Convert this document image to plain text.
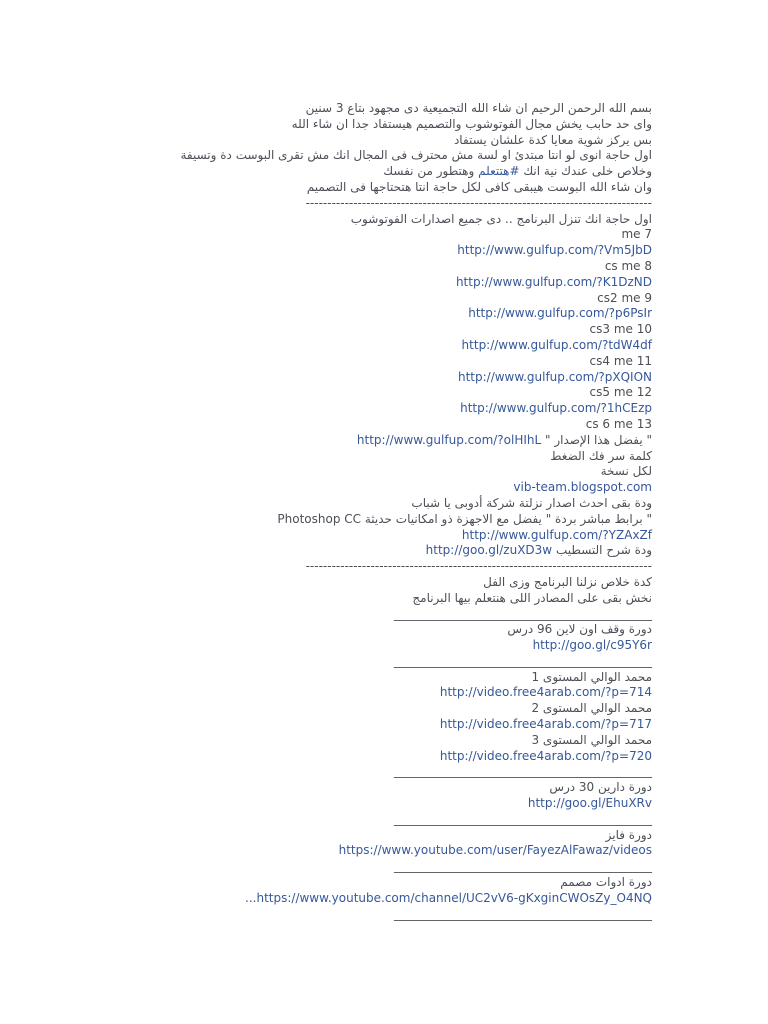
بسم الله الرحمن الرحيم ان شاء الله التجميعية دى مجهود بتاع 3 سنين
واى حد حابب يخش مجال الفوتوشوب والتصميم هيستفاد جدا ان شاء الله
بس يركز شوية معايا كدة علشان يستفاد
اول حاجة انوى لو انتا مبتدئ او لسة مش محترف فى المجال انك مش تقرى البوست دة وتسيفة
وخلاص خلى عندك نية انك #هتتعلم وهتطور من نفسك
وان شاء الله البوست هيبقى كافى لكل حاجة انتا هتحتاجها فى التصميم
--------------------------------------------------------------------------------
اول حاجة انك تنزل البرنامج .. دى جميع اصدارات الفوتوشوب
7 me
http://www.gulfup.com/?Vm5JbD
cs me 8
http://www.gulfup.com/?K1DzND
cs2 me 9
http://www.gulfup.com/?p6PsIr
cs3 me 10
http://www.gulfup.com/?tdW4df
cs4 me 11
http://www.gulfup.com/?pXQION
cs5 me 12
http://www.gulfup.com/?1hCEzp
cs 6 me 13
" يفضل هذا الإصدار " http://www.gulfup.com/?olHIhL
كلمة سر فك الضغط
لكل نسخة
vib-team.blogspot.com
ودة بقى احدث اصدار نزلتة شركة أدوبى يا شباب
" برابط مباشر بردة " يفضل مع الاجهزة ذو امكانيات حديثة Photoshop CC
http://www.gulfup.com/?YZAxZf
ودة شرح التسطيب http://goo.gl/zuXD3w
--------------------------------------------------------------------------------
كدة خلاص نزلنا البرنامج وزى الفل
نخش بقى على المصادر اللى هنتعلم بيها البرنامج
___________________________________________
دورة وقف اون لاين 96 درس
http://goo.gl/c95Y6r
___________________________________________
محمد الوالي المستوى 1
http://video.free4arab.com/?p=714
محمد الوالي المستوى 2
http://video.free4arab.com/?p=717
محمد الوالي المستوى 3
http://video.free4arab.com/?p=720
___________________________________________
دورة دارين 30 درس
http://goo.gl/EhuXRv
___________________________________________
دورة فايز
https://www.youtube.com/user/FayezAlFawaz/videos
___________________________________________
دورة ادوات مصمم
https://www.youtube.com/channel/UC2vV6-gKxginCWOsZy_O4NQ...
___________________________________________
